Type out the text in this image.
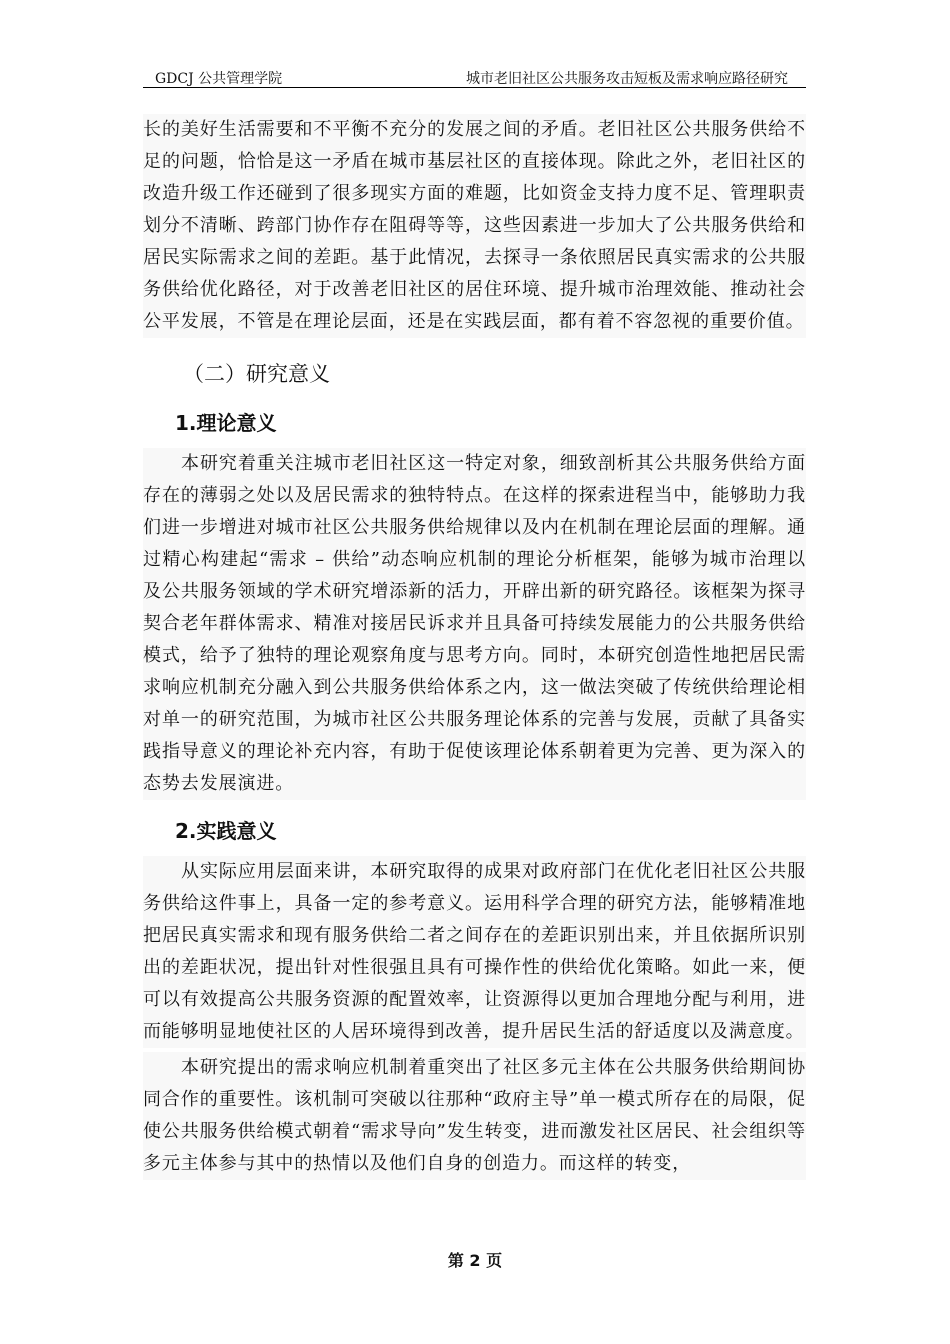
GDCJ 公共管理学院	城市老旧社区公共服务攻击短板及需求响应路径研究

长的美好生活需要和不平衡不充分的发展之间的矛盾。老旧社区公共服务供给不足的问题，恰恰是这一矛盾在城市基层社区的直接体现。除此之外，老旧社区的改造升级工作还碰到了很多现实方面的难题，比如资金支持力度不足、管理职责划分不清晰、跨部门协作存在阻碍等等，这些因素进一步加大了公共服务供给和居民实际需求之间的差距。基于此情况，去探寻一条依照居民真实需求的公共服务供给优化路径，对于改善老旧社区的居住环境、提升城市治理效能、推动社会公平发展，不管是在理论层面，还是在实践层面，都有着不容忽视的重要价值。

（二）研究意义
1.理论意义

本研究着重关注城市老旧社区这一特定对象，细致剖析其公共服务供给方面存在的薄弱之处以及居民需求的独特特点。在这样的探索进程当中，能够助力我们进一步增进对城市社区公共服务供给规律以及内在机制在理论层面的理解。通过精心构建起“需求 – 供给”动态响应机制的理论分析框架，能够为城市治理以及公共服务领域的学术研究增添新的活力，开辟出新的研究路径。该框架为探寻契合老年群体需求、精准对接居民诉求并且具备可持续发展能力的公共服务供给模式，给予了独特的理论观察角度与思考方向。同时，本研究创造性地把居民需求响应机制充分融入到公共服务供给体系之内，这一做法突破了传统供给理论相对单一的研究范围，为城市社区公共服务理论体系的完善与发展，贡献了具备实践指导意义的理论补充内容，有助于促使该理论体系朝着更为完善、更为深入的态势去发展演进。

2.实践意义

从实际应用层面来讲，本研究取得的成果对政府部门在优化老旧社区公共服务供给这件事上，具备一定的参考意义。运用科学合理的研究方法，能够精准地把居民真实需求和现有服务供给二者之间存在的差距识别出来，并且依据所识别出的差距状况，提出针对性很强且具有可操作性的供给优化策略。如此一来，便可以有效提高公共服务资源的配置效率，让资源得以更加合理地分配与利用，进而能够明显地使社区的人居环境得到改善，提升居民生活的舒适度以及满意度。

本研究提出的需求响应机制着重突出了社区多元主体在公共服务供给期间协同合作的重要性。该机制可突破以往那种“政府主导”单一模式所存在的局限，促使公共服务供给模式朝着“需求导向”发生转变，进而激发社区居民、社会组织等多元主体参与其中的热情以及他们自身的创造力。而这样的转变，

第 2 页
